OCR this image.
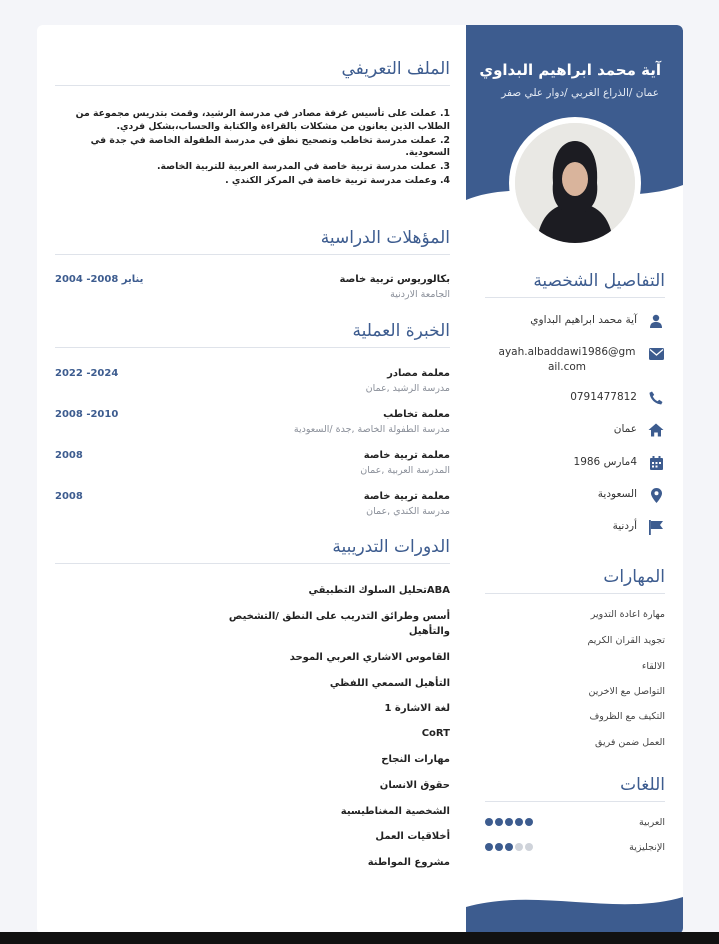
آية محمد ابراهيم البداوي
عمان /الذراع الغربي /دوار علي صفر
التفاصيل الشخصية
آية محمد ابراهيم البداوي
ayah.albaddawi1986@gmail.com
0791477812
عمان
4مارس 1986
السعودية
أردنية
المهارات
مهارة اعادة التدوير
تجويد القران الكريم
الالقاء
التواصل مع الاخرين
التكيف مع الظروف
العمل ضمن فريق
اللغات
العربية
الإنجليزية
الملف التعريفي
1. عملت على تأسيس غرفة مصادر في مدرسة الرشيد، وقمت بتدريس مجموعة من الطلاب الذين يعانون من مشكلات بالقراءة والكتابة والحساب،بشكل فردي.
2. عملت مدرسة تخاطب وتصحيح نطق في مدرسة الطفولة الخاصة في جدة في السعودية.
3. عملت مدرسة تربية خاصة في المدرسة العربية للتربية الخاصة.
4. وعملت مدرسة تربية خاصة في المركز الكندي .
المؤهلات الدراسية
بكالوريوس تربية خاصة
الجامعة الاردنية
2004 -يناير 2008
الخبرة العملية
معلمة مصادر
مدرسة الرشيد ,عمان
2022 -2024
معلمة تخاطب
مدرسة الطفولة الخاصة ,جدة /السعودية
2008 -2010
معلمة تربية خاصة
المدرسة العربية ,عمان
2008
معلمة تربية خاصة
مدرسة الكندي ,عمان
2008
الدورات التدريبية
ABAتحليل السلوك التطبيقي
أسس وطرائق التدريب على النطق /التشخيص والتأهيل
القاموس الاشاري العربي الموحد
التأهيل السمعي اللفظي
لغة الاشارة 1
CoRT
مهارات النجاح
حقوق الانسان
الشخصية المغناطيسية
أخلاقيات العمل
مشروع المواطنة
